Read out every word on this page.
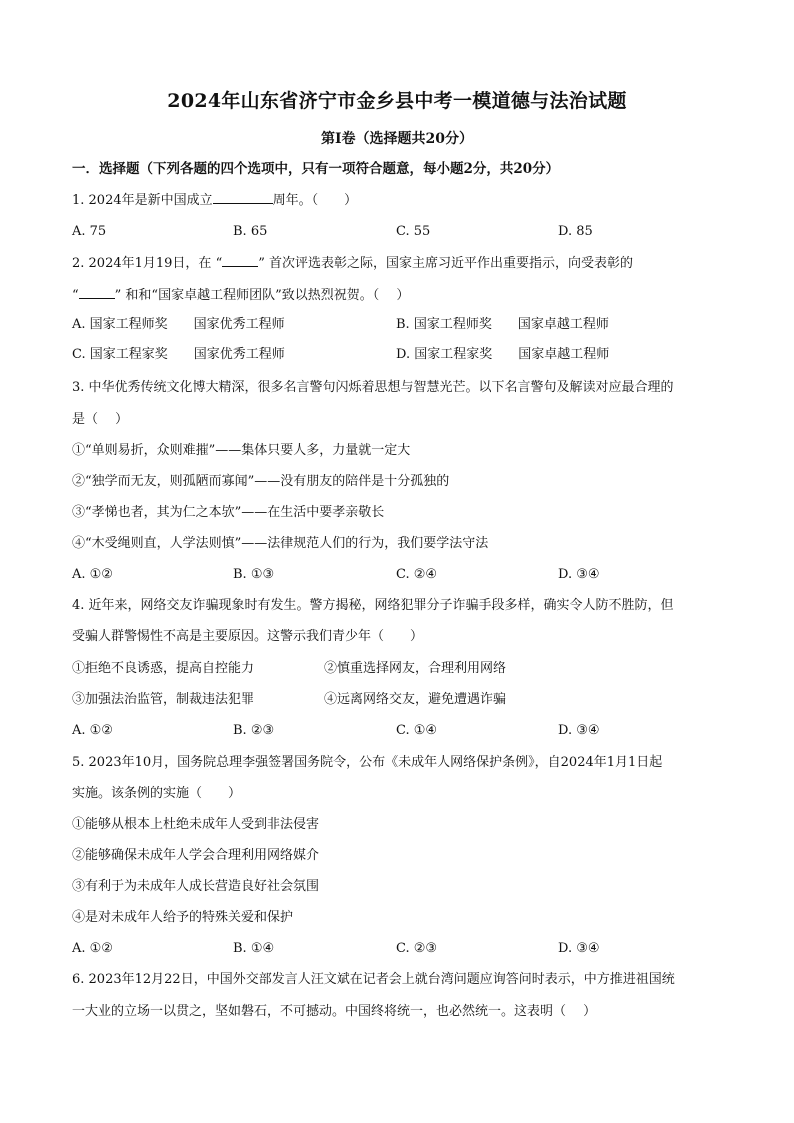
2024年山东省济宁市金乡县中考一模道德与法治试题
第Ⅰ卷（选择题共20分）
一．选择题（下列各题的四个选项中，只有一项符合题意，每小题2分，共20分）
1. 2024年是新中国成立	周年。（　　）
A. 75	B. 65	C. 55	D. 85
2. 2024年1月19日，在 “	” 首次评选表彰之际，国家主席习近平作出重要指示，向受表彰的
“	” 和和“国家卓越工程师团队”致以热烈祝贺。（　 ）
A. 国家工程师奖　　国家优秀工程师	B. 国家工程师奖　　国家卓越工程师
C. 国家工程家奖　　国家优秀工程师	D. 国家工程家奖　　国家卓越工程师
3. 中华优秀传统文化博大精深，很多名言警句闪烁着思想与智慧光芒。以下名言警句及解读对应最合理的
是（　 ）
①“单则易折，众则难摧”——集体只要人多，力量就一定大
②“独学而无友，则孤陋而寡闻”——没有朋友的陪伴是十分孤独的
③“孝悌也者，其为仁之本欤”——在生活中要孝亲敬长
④“木受绳则直，人学法则慎”——法律规范人们的行为，我们要学法守法
A. ①②	B. ①③	C. ②④	D. ③④
4. 近年来，网络交友诈骗现象时有发生。警方揭秘，网络犯罪分子诈骗手段多样，确实令人防不胜防，但
受骗人群警惕性不高是主要原因。这警示我们青少年（　　）
①拒绝不良诱惑，提高自控能力	②慎重选择网友，合理利用网络
③加强法治监管，制裁违法犯罪	④远离网络交友，避免遭遇诈骗
A. ①②	B. ②③	C. ①④	D. ③④
5. 2023年10月，国务院总理李强签署国务院令，公布《未成年人网络保护条例》，自2024年1月1日起
实施。该条例的实施（　　）
①能够从根本上杜绝未成年人受到非法侵害
②能够确保未成年人学会合理利用网络媒介
③有利于为未成年人成长营造良好社会氛围
④是对未成年人给予的特殊关爱和保护
A. ①②	B. ①④	C. ②③	D. ③④
6. 2023年12月22日，中国外交部发言人汪文斌在记者会上就台湾问题应询答问时表示，中方推进祖国统
一大业的立场一以贯之，坚如磐石，不可撼动。中国终将统一，也必然统一。这表明（　 ）
